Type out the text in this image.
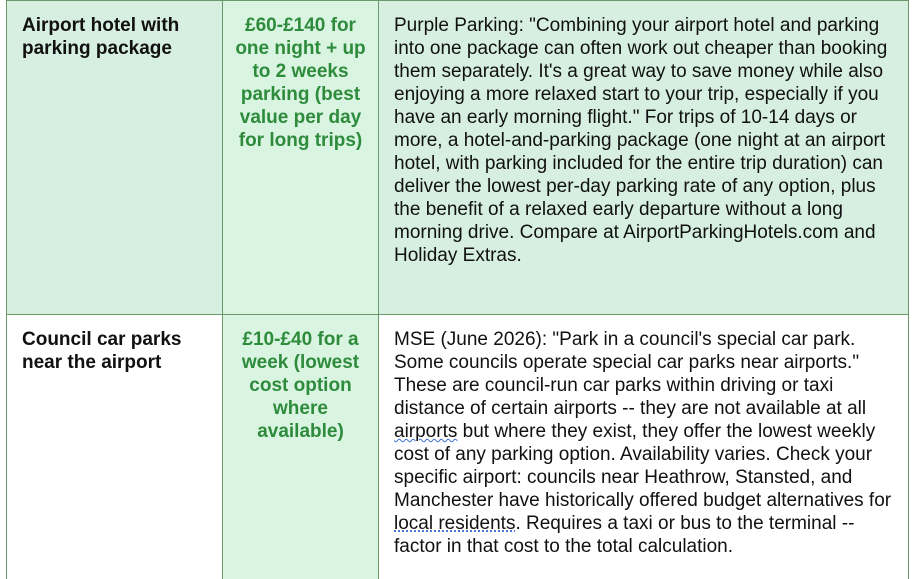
Airport hotel with parking package	£60-£140 for one night + up to 2 weeks parking (best value per day for long trips)	Purple Parking: "Combining your airport hotel and parking into one package can often work out cheaper than booking them separately. It's a great way to save money while also enjoying a more relaxed start to your trip, especially if you have an early morning flight." For trips of 10-14 days or more, a hotel-and-parking package (one night at an airport hotel, with parking included for the entire trip duration) can deliver the lowest per-day parking rate of any option, plus the benefit of a relaxed early departure without a long morning drive. Compare at AirportParkingHotels.com and Holiday Extras.
Council car parks near the airport	£10-£40 for a week (lowest cost option where available)	MSE (June 2026): "Park in a council's special car park. Some councils operate special car parks near airports." These are council-run car parks within driving or taxi distance of certain airports -- they are not available at all airports but where they exist, they offer the lowest weekly cost of any parking option. Availability varies. Check your specific airport: councils near Heathrow, Stansted, and Manchester have historically offered budget alternatives for local residents. Requires a taxi or bus to the terminal -- factor in that cost to the total calculation.
